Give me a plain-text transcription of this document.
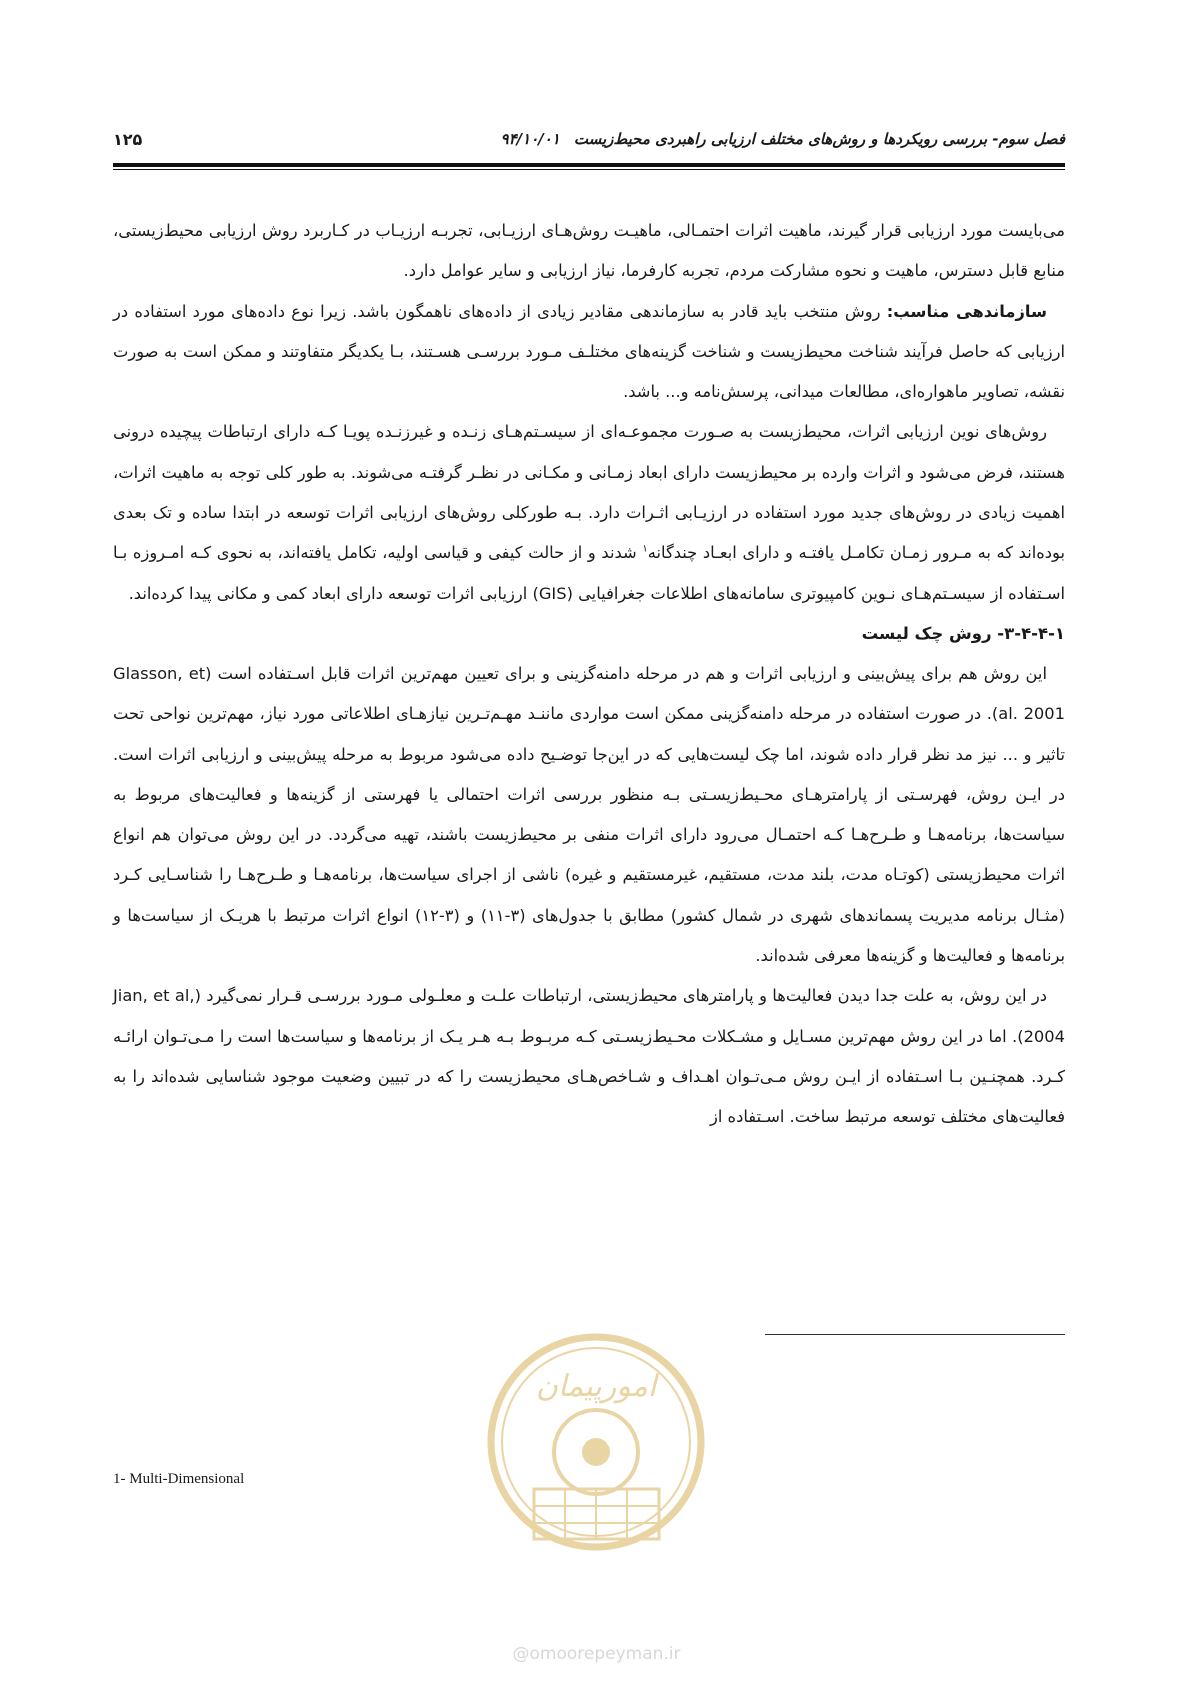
فصل سوم- بررسی رویکردها و روش‌های مختلف ارزیابی راهبردی محیط‌زیست۹۴/۱۰/۰۱
۱۲۵

می‌بایست مورد ارزیابی قرار گیرند، ماهیت اثرات احتمـالی، ماهیـت روش‌هـای ارزیـابی، تجربـه ارزیـاب در کـاربرد روش ارزیابی محیط‌زیستی، منابع قابل دسترس، ماهیت و نحوه مشارکت مردم، تجربه کارفرما، نیاز ارزیابی و سایر عوامل دارد.

سازماندهی مناسب: روش منتخب باید قادر به سازماندهی مقادیر زیادی از داده‌های ناهمگون باشد. زیرا نوع داده‌های مورد استفاده در ارزیابی که حاصل فرآیند شناخت محیط‌زیست و شناخت گزینه‌های مختلـف مـورد بررسـی هسـتند، بـا یکدیگر متفاوتند و ممکن است به صورت نقشه، تصاویر ماهواره‌ای، مطالعات میدانی، پرسش‌نامه و... باشد.

روش‌های نوین ارزیابی اثرات، محیط‌زیست به صـورت مجموعـه‌ای از سیسـتم‌هـای زنـده و غیرزنـده پویـا کـه دارای ارتباطات پیچیده درونی هستند، فرض می‌شود و اثرات وارده بر محیط‌زیست دارای ابعاد زمـانی و مکـانی در نظـر گرفتـه می‌شوند. به طور کلی توجه به ماهیت اثرات، اهمیت زیادی در روش‌های جدید مورد استفاده در ارزیـابی اثـرات دارد. بـه طورکلی روش‌های ارزیابی اثرات توسعه در ابتدا ساده و تک بعدی بوده‌اند که به مـرور زمـان تکامـل یافتـه و دارای ابعـاد چندگانه$^۱$ شدند و از حالت کیفی و قیاسی اولیه، تکامل یافته‌اند، به نحوی کـه امـروزه بـا اسـتفاده از سیسـتم‌هـای نـوین کامپیوتری سامانه‌های اطلاعات جغرافیایی (GIS) ارزیابی اثرات توسعه دارای ابعاد کمی و مکانی پیدا کرده‌اند.

۳-۴-۴-۱- روش چک لیست

این روش هم برای پیش‌بینی و ارزیابی اثرات و هم در مرحله دامنه‌گزینی و برای تعیین مهم‌ترین اثرات قابل اسـتفاده است (Glasson, et al. 2001). در صورت استفاده در مرحله دامنه‌گزینی ممکن است مواردی ماننـد مهـم‌تـرین نیازهـای اطلاعاتی مورد نیاز، مهم‌ترین نواحی تحت تاثیر و ... نیز مد نظر قرار داده شوند، اما چک لیست‌هایی که در این‌جا توضـیح داده می‌شود مربوط به مرحله پیش‌بینی و ارزیابی اثرات است. در ایـن روش، فهرسـتی از پارامترهـای محـیط‌زیسـتی بـه منظور بررسی اثرات احتمالی یا فهرستی از گزینه‌ها و فعالیت‌های مربوط به سیاست‌ها، برنامه‌هـا و طـرح‌هـا کـه احتمـال می‌رود دارای اثرات منفی بر محیط‌زیست باشند، تهیه می‌گردد. در این روش می‌توان هم انواع اثرات محیط‌زیستی (کوتـاه مدت، بلند مدت، مستقیم، غیرمستقیم و غیره) ناشی از اجرای سیاست‌ها، برنامه‌هـا و طـرح‌هـا را شناسـایی کـرد (مثـال برنامه مدیریت پسماندهای شهری در شمال کشور) مطابق با جدول‌های (۳-۱۱) و (۳-۱۲) انواع اثرات مرتبط با هریـک از سیاست‌ها و برنامه‌ها و فعالیت‌ها و گزینه‌ها معرفی شده‌اند.

در این روش، به علت جدا دیدن فعالیت‌ها و پارامترهای محیط‌زیستی، ارتباطات علـت و معلـولی مـورد بررسـی قـرار نمی‌گیرد (Jian, et al, 2004). اما در این روش مهم‌ترین مسـایل و مشـکلات محـیط‌زیسـتی کـه مربـوط بـه هـر یـک از برنامه‌ها و سیاست‌ها است را مـی‌تـوان ارائـه کـرد. همچنـین بـا اسـتفاده از ایـن روش مـی‌تـوان اهـداف و شـاخص‌هـای محیط‌زیست را که در تبیین وضعیت موجود شناسایی شده‌اند را به فعالیت‌های مختلف توسعه مرتبط ساخت. اسـتفاده از

امورپیمان
@omoorepeyman.ir
1- Multi-Dimensional
